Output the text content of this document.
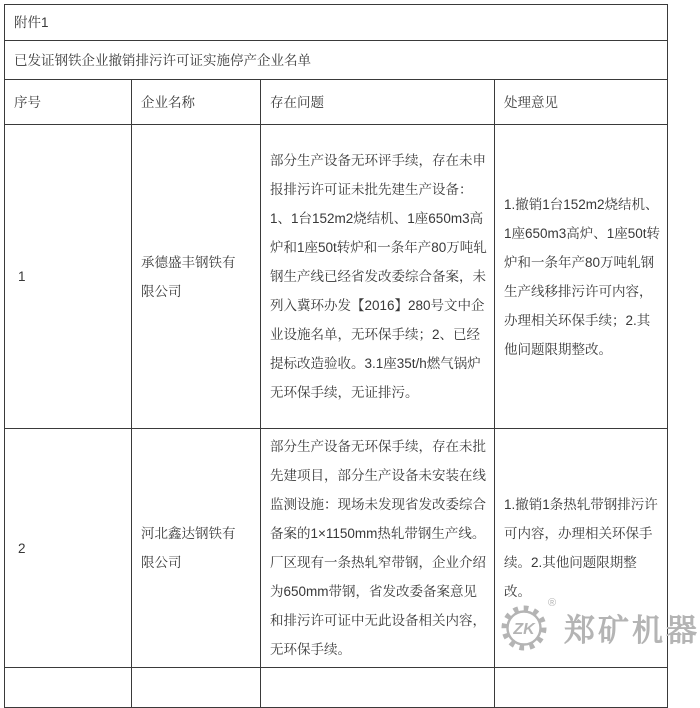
附件1			
已发证钢铁企业撤销排污许可证实施停产企业名单			
序号	企业名称	存在问题	处理意见
1	承德盛丰钢铁有限公司	部分生产设备无环评手续，存在未申报排污许可证未批先建生产设备：1、1台152m2烧结机、1座650m3高炉和1座50t转炉和一条年产80万吨轧钢生产线已经省发改委综合备案，未列入冀环办发【2016】280号文中企业设施名单，无环保手续；2、已经提标改造验收。3.1座35t/h燃气锅炉无环保手续，无证排污。	1.撤销1台152m2烧结机、1座650m3高炉、1座50t转炉和一条年产80万吨轧钢生产线移排污许可内容，办理相关环保手续；2.其他问题限期整改。
2	河北鑫达钢铁有限公司	部分生产设备无环保手续，存在未批先建项目，部分生产设备未安装在线监测设施：现场未发现省发改委综合备案的1×1150mm热轧带钢生产线。厂区现有一条热轧窄带钢，企业介绍为650mm带钢，省发改委备案意见和排污许可证中无此设备相关内容，无环保手续。	1.撤销1条热轧带钢排污许可内容，办理相关环保手续。2.其他问题限期整改。

ZK
®
郑矿机器
